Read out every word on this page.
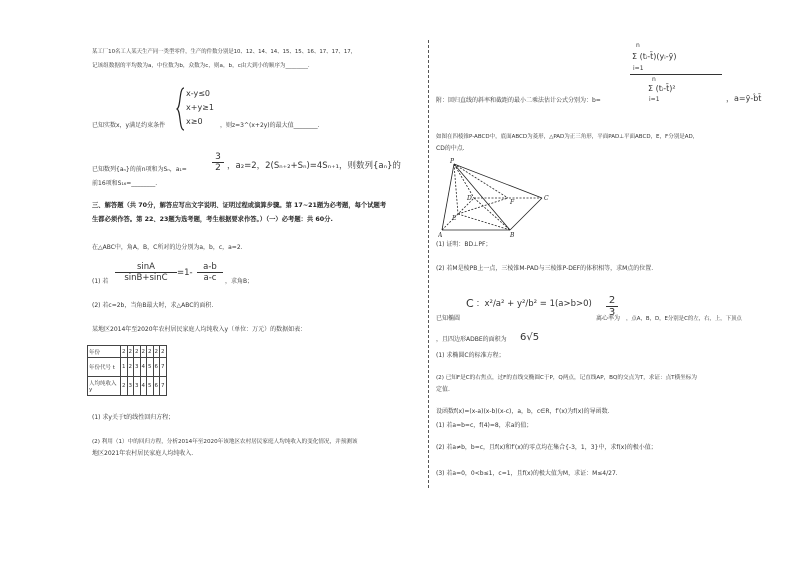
某工厂10名工人某天生产同一类型零件，生产的件数分别是10、12、14、14、15、15、16、17、17、17，
记该组数据的平均数为a，中位数为b，众数为c，则a，b，c由大到小的顺序为________.
x-y≤0
x+y≥1
x≥0
已知实数x，y满足约束条件	，则z=3^(x+2y)的最大值________.
已知数列{aₙ}的前n项和为Sₙ，a₁=
3
2 ，a₂=2，2(Sₙ₊₂+Sₙ)=4Sₙ₊₁，则数列{aₙ}的
前16项和S₁₆=________.
三、解答题（共 70分，解答应写出文字说明、证明过程或演算步骤。第 17~21题为必考题，每个试题考
生都必须作答。第 22、23题为选考题，考生根据要求作答。）（一）必考题：共 60分.
在△ABC中，角A，B，C所对的边分别为a，b，c，a=2.
(1) 若
sinA
sinB+sinC	=1-
a-b
a-c	，求角B；
(2) 若c=2b，当角B最大时，求△ABC的面积.
某地区2014年至2020年农村居民家庭人均纯收入y（单位：万元）的数据如表：
年份	2	2	2	2	2	2	2
年份代号 t	1	2	3	4	5	6	7
人均纯收入y	2	3	3	4	5	6	7
(1) 求y关于t的线性回归方程；
(2) 利用（1）中的回归方程，分析2014年至2020年该地区农村居民家庭人均纯收入的变化情况，并预测该
地区2021年农村居民家庭人均纯收入.
n
Σ (tᵢ-t̄)(yᵢ-ȳ)
i=1
n
Σ (tᵢ-t̄)²
i=1
附：回归直线的斜率和截距的最小二乘法估计公式分别为：b=	，a=ȳ-b̂t̄
如图在四棱锥P-ABCD中，底面ABCD为菱形，△PAD为正三角形，平面PAD⊥平面ABCD，E，F分别是AD，
CD的中点.
P
A	B
C
D
E
F
(1) 证明：BD⊥PF；
(2) 若M是棱PB上一点，三棱锥M-PAD与三棱锥P-DEF的体积相等，求M点的位置.
C ：x²/a² + y²/b² = 1(a>b>0)
已知椭圆	离心率为
2
3
，点A，B，D，E分别是C的左，右，上，下顶点
，且四边形ADBE的面积为 6√5
(1) 求椭圆C的标准方程；
(2) 已知F是C的右焦点，过F的直线交椭圆C于P，Q两点，记直线AP，BQ的交点为T，求证：点T横坐标为
定值.
设函数f(x)=(x-a)(x-b)(x-c)，a，b，c∈R，f′(x)为f(x)的导函数.
(1) 若a=b=c，f(4)=8，求a的值；
(2) 若a≠b，b=c，且f(x)和f′(x)的零点均在集合{-3，1，3}中，求f(x)的极小值；
(3) 若a=0，0<b≤1，c=1，且f(x)的极大值为M，求证：M≤4/27.
